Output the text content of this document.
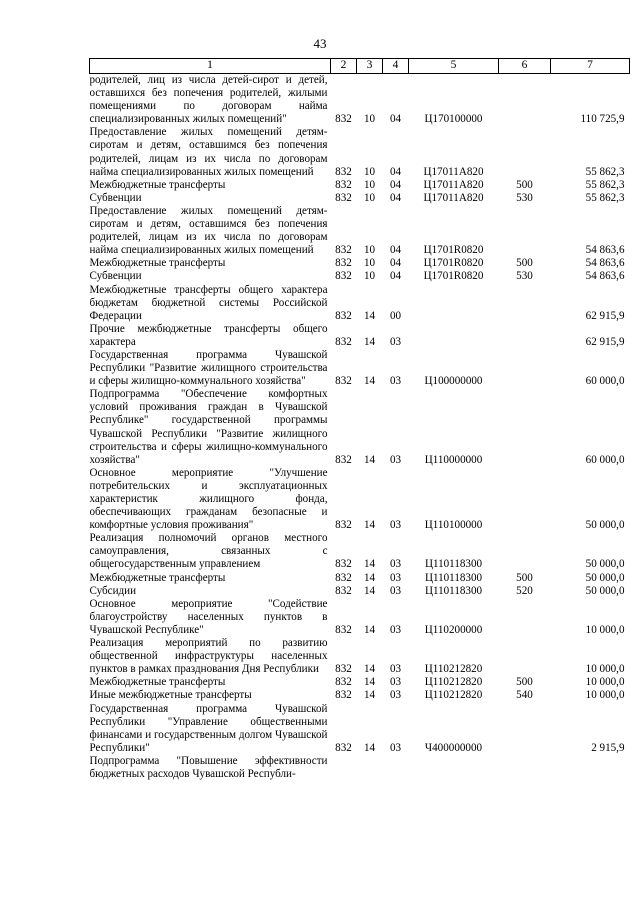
43
1	2	3	4	5	6	7
родителей, лиц из числа детей-сирот и детей, оставшихся без попечения родителей, жилыми помещениями по договорам найма специализированных жилых помещений"	832	10	04	Ц170100000		110 725,9
Предоставление жилых помещений детям-сиротам и детям, оставшимся без попечения родителей, лицам из их числа по договорам найма специализированных жилых помещений	832	10	04	Ц17011А820		55 862,3
Межбюджетные трансферты	832	10	04	Ц17011А820	500	55 862,3
Субвенции	832	10	04	Ц17011А820	530	55 862,3
Предоставление жилых помещений детям-сиротам и детям, оставшимся без попечения родителей, лицам из их числа по договорам найма специализированных жилых помещений	832	10	04	Ц1701R0820		54 863,6
Межбюджетные трансферты	832	10	04	Ц1701R0820	500	54 863,6
Субвенции	832	10	04	Ц1701R0820	530	54 863,6
Межбюджетные трансферты общего характера бюджетам бюджетной системы Российской Федерации	832	14	00			62 915,9
Прочие межбюджетные трансферты общего характера	832	14	03			62 915,9
Государственная программа Чувашской Республики "Развитие жилищного строительства и сферы жилищно-коммунального хозяйства"	832	14	03	Ц100000000		60 000,0
Подпрограмма "Обеспечение комфортных условий проживания граждан в Чувашской Республике" государственной программы Чувашской Республики "Развитие жилищного строительства и сферы жилищно-коммунального хозяйства"	832	14	03	Ц110000000		60 000,0
Основное мероприятие "Улучшение потребительских и эксплуатационных характеристик жилищного фонда, обеспечивающих гражданам безопасные и комфортные условия проживания"	832	14	03	Ц110100000		50 000,0
Реализация полномочий органов местного самоуправления, связанных с общегосударственным управлением	832	14	03	Ц110118300		50 000,0
Межбюджетные трансферты	832	14	03	Ц110118300	500	50 000,0
Субсидии	832	14	03	Ц110118300	520	50 000,0
Основное мероприятие "Содействие благоустройству населенных пунктов в Чувашской Республике"	832	14	03	Ц110200000		10 000,0
Реализация мероприятий по развитию общественной инфраструктуры населенных пунктов в рамках празднования Дня Республики	832	14	03	Ц110212820		10 000,0
Межбюджетные трансферты	832	14	03	Ц110212820	500	10 000,0
Иные межбюджетные трансферты	832	14	03	Ц110212820	540	10 000,0
Государственная программа Чувашской Республики "Управление общественными финансами и государственным долгом Чувашской Республики"	832	14	03	Ч400000000		2 915,9
Подпрограмма "Повышение эффективности бюджетных расходов Чувашской Республи-						
